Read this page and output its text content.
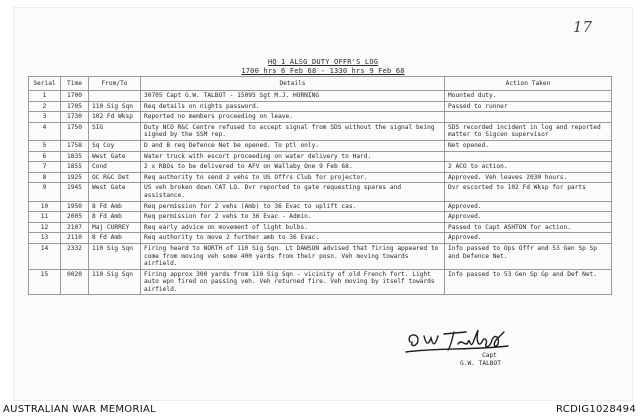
17
HQ 1 ALSG DUTY OFFR'S LOG
1700 hrs 6 Feb 68 - 1330 hrs 9 Feb 68
Serial	Time	From/To	Details	Action Taken
1	1700		30705 Capt G.W. TALBOT - 15095 Sgt M.J. HORNING	Mounted duty.
2	1705	110 Sig Sqn	Req details on nights password.	Passed to runner
3	1730	102 Fd Wksp	Reported no members proceeding on leave.	
4	1750	SIG	Duty NCO R&C Centre refused to accept signal from SDS without the signal being signed by the SSM rep.	SDS recorded incident in log and reported matter to Sigcen supervisor
5	1758	Sq Coy	D and B req Defence Net be opened. To ptl only.	Net opened.
6	1835	West Gate	Water truck with escort proceeding on water delivery to Hard.	
7	1855	Cond	2 x RBOs to be delivered to AFV on Wallaby One 9 Feb 68.	2 ACO to action.
8	1925	OC R&C Det	Req authority to send 2 vehs to US Offrs Club for projector.	Approved. Veh leaves 2030 hours.
9	1945	West Gate	US veh broken down CAT LO. Dvr reported to gate requesting spares and assistance.	Dvr escorted to 102 Fd Wksp for parts
10	1950	8 Fd Amb	Req permission for 2 vehs (Amb) to 36 Evac to uplift cas.	Approved.
11	2005	8 Fd Amb	Req permission for 2 vehs to 36 Evac - Admin.	Approved.
12	2107	Maj CURREY	Req early advice on movement of light bulbs.	Passed to Capt ASHTON for action.
13	2110	8 Fd Amb	Req authority to move 2 further amb to 36 Evac.	Approved.
14	2332	110 Sig Sqn	Firing heard to NORTH of 110 Sig Sqn. Lt DAWSON advised that firing appeared to come from moving veh some 400 yards from their posn. Veh moving towards airfield.	Info passed to Ops Offr and 53 Gen Sp Sp and Defence Net.
15	0020	110 Sig Sqn	Firing approx 300 yards from 110 Sig Sqn - vicinity of old French fort. Light auto wpn fired on passing veh. Veh returned fire. Veh moving by itself towards airfield.	Info passed to 53 Gen Sp Gp and Def Net.
Capt
G.W. TALBOT
AUSTRALIAN WAR MEMORIAL	RCDIG1028494
